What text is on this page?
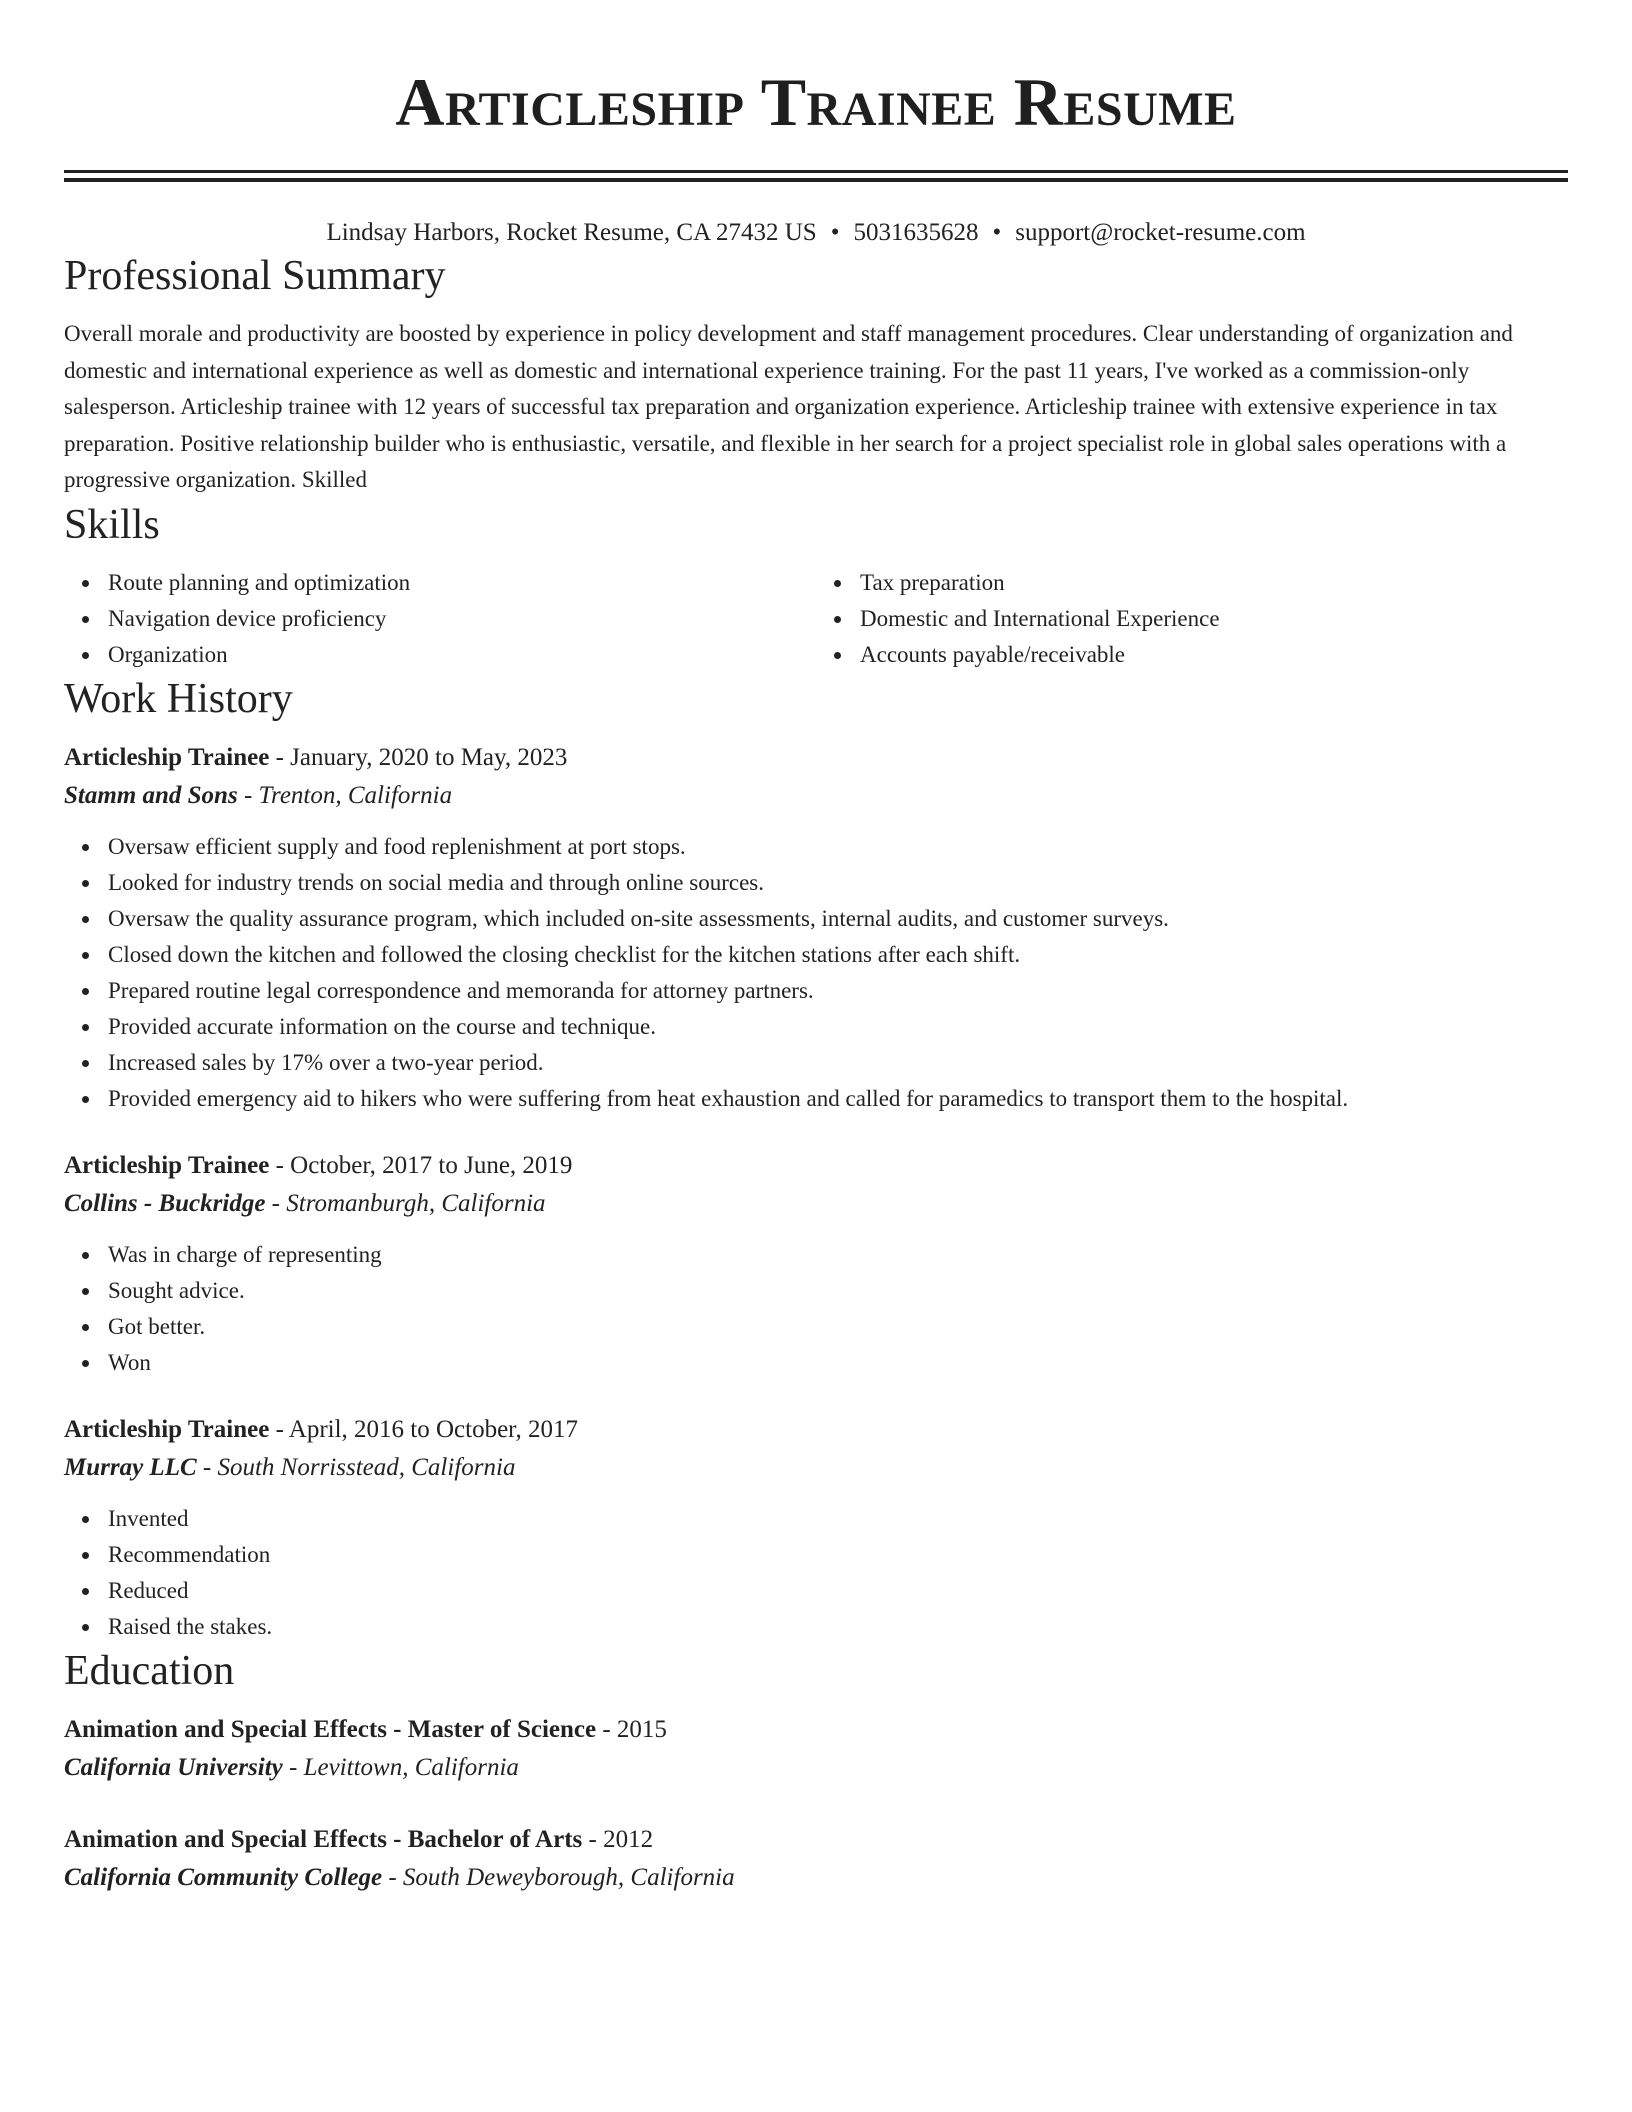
Articleship Trainee Resume
Lindsay Harbors, Rocket Resume, CA 27432 US • 5031635628 • support@rocket-resume.com
Professional Summary
Overall morale and productivity are boosted by experience in policy development and staff management procedures. Clear understanding of organization and domestic and international experience as well as domestic and international experience training. For the past 11 years, I've worked as a commission-only salesperson. Articleship trainee with 12 years of successful tax preparation and organization experience. Articleship trainee with extensive experience in tax preparation. Positive relationship builder who is enthusiastic, versatile, and flexible in her search for a project specialist role in global sales operations with a progressive organization. Skilled
Skills
Route planning and optimization
Navigation device proficiency
Organization
Tax preparation
Domestic and International Experience
Accounts payable/receivable
Work History
Articleship Trainee - January, 2020 to May, 2023
Stamm and Sons - Trenton, California
Oversaw efficient supply and food replenishment at port stops.
Looked for industry trends on social media and through online sources.
Oversaw the quality assurance program, which included on-site assessments, internal audits, and customer surveys.
Closed down the kitchen and followed the closing checklist for the kitchen stations after each shift.
Prepared routine legal correspondence and memoranda for attorney partners.
Provided accurate information on the course and technique.
Increased sales by 17% over a two-year period.
Provided emergency aid to hikers who were suffering from heat exhaustion and called for paramedics to transport them to the hospital.
Articleship Trainee - October, 2017 to June, 2019
Collins - Buckridge - Stromanburgh, California
Was in charge of representing
Sought advice.
Got better.
Won
Articleship Trainee - April, 2016 to October, 2017
Murray LLC - South Norrisstead, California
Invented
Recommendation
Reduced
Raised the stakes.
Education
Animation and Special Effects - Master of Science - 2015
California University - Levittown, California
Animation and Special Effects - Bachelor of Arts - 2012
California Community College - South Deweyborough, California
